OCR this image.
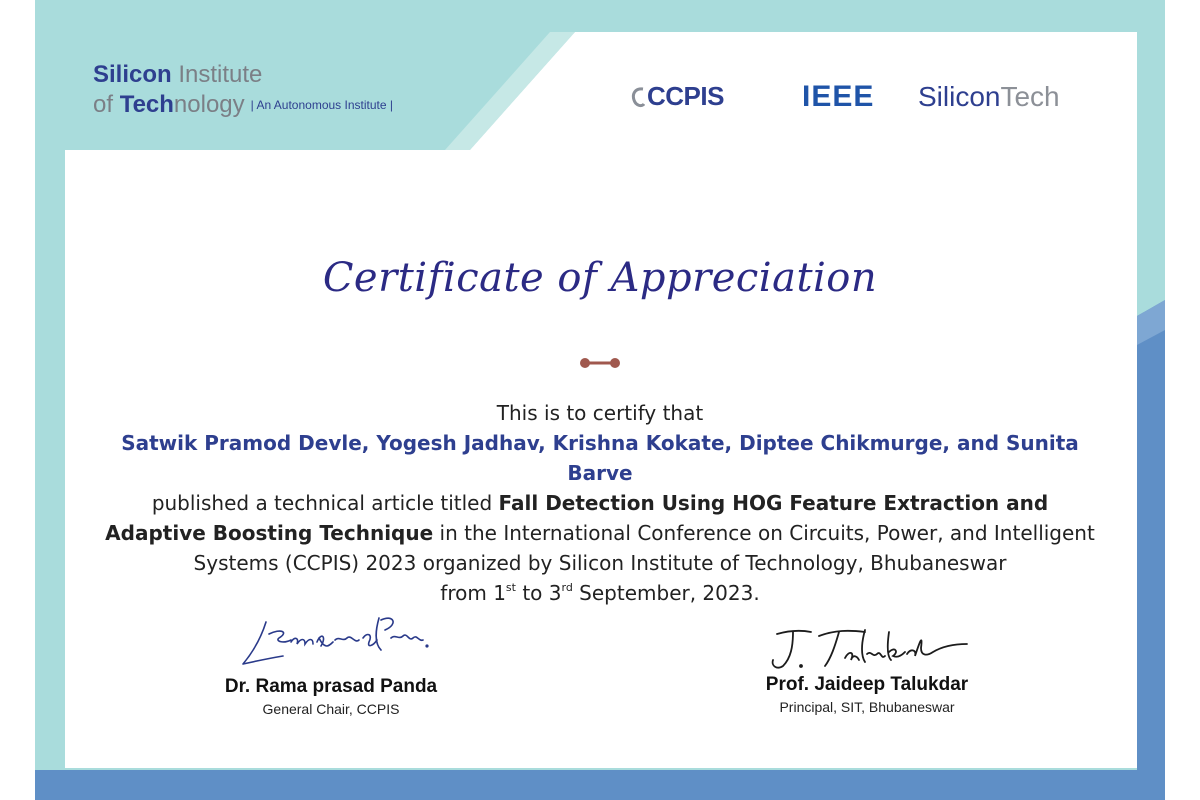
Silicon Institute
of Technology $^{| An Autonomous Institute |}$	CCPIS	IEEE SiliconTech
Certificate of Appreciation
This is to certify that
Satwik Pramod Devle, Yogesh Jadhav, Krishna Kokate, Diptee Chikmurge, and Sunita Barve
published a technical article titled Fall Detection Using HOG Feature Extraction and Adaptive Boosting Technique in the International Conference on Circuits, Power, and Intelligent Systems (CCPIS) 2023 organized by Silicon Institute of Technology, Bhubaneswar
from 1st to 3rd September, 2023.
Dr. Rama prasad Panda
General Chair, CCPIS
Prof. Jaideep Talukdar
Principal, SIT, Bhubaneswar
